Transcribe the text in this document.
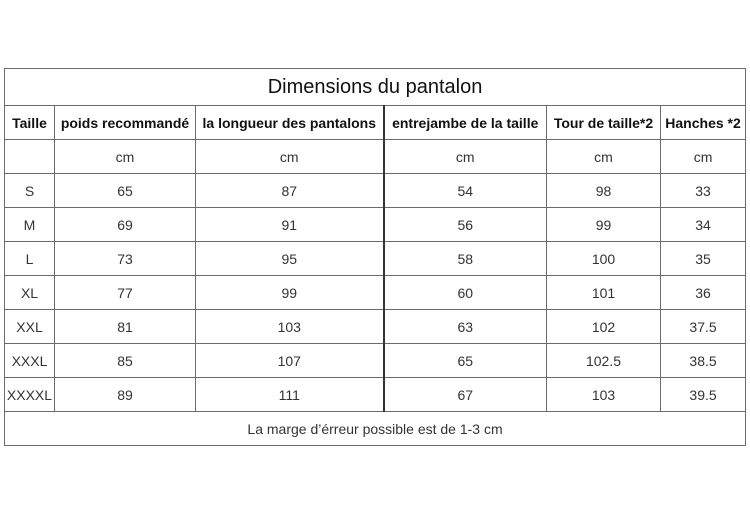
Dimensions du pantalon					
Taille	poids recommandé	la longueur des pantalons	entrejambe de la taille	Tour de taille*2	Hanches *2
	cm	cm	cm	cm	cm
S	65	87	54	98	33
M	69	91	56	99	34
L	73	95	58	100	35
XL	77	99	60	101	36
XXL	81	103	63	102	37.5
XXXL	85	107	65	102.5	38.5
XXXXL	89	111	67	103	39.5
La marge d’érreur possible est de 1-3 cm					
